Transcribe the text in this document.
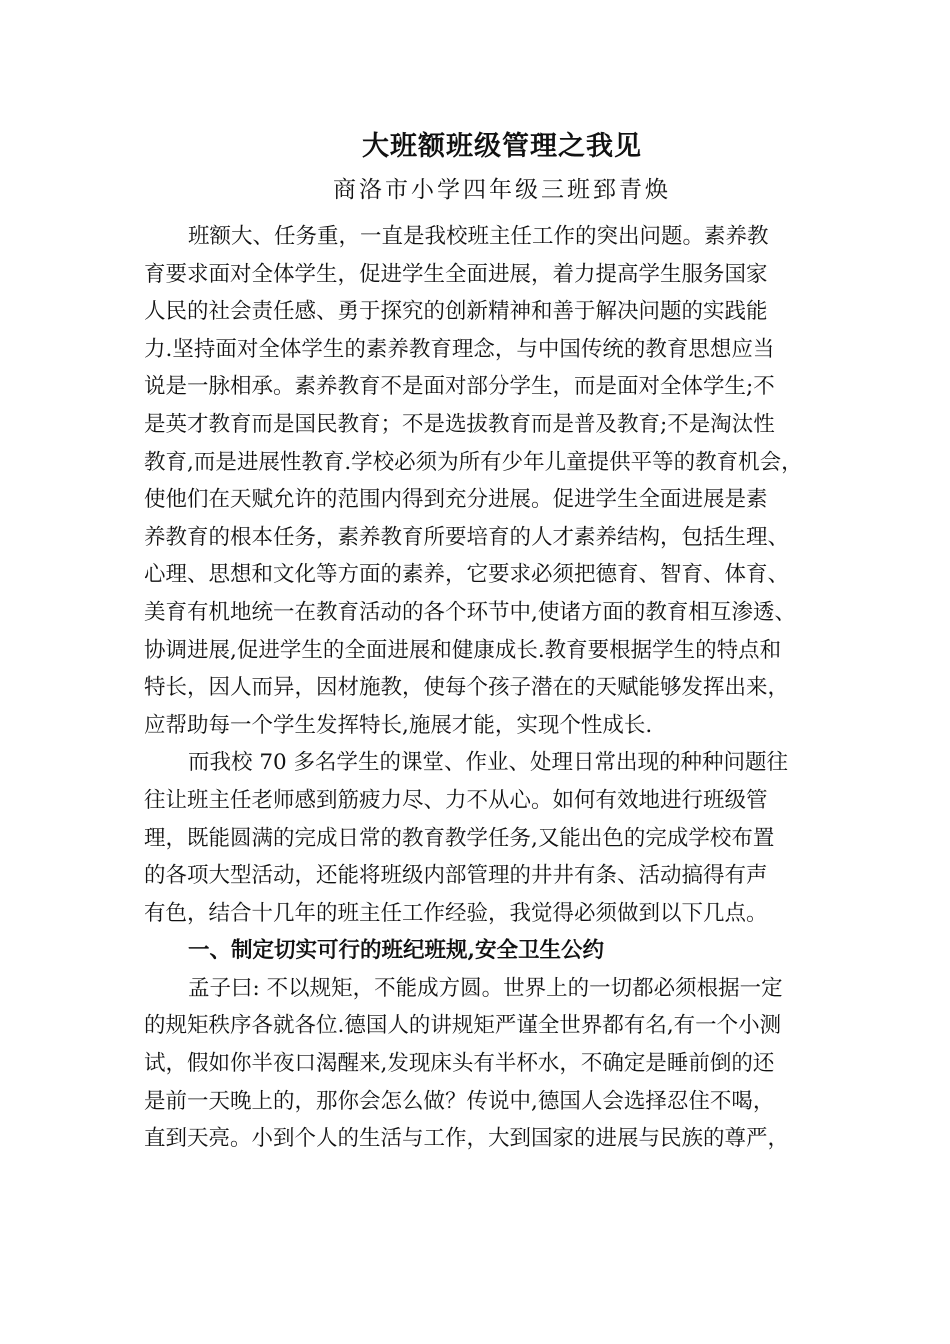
大班额班级管理之我见
商洛市小学四年级三班郅青焕

班额大、任务重，一直是我校班主任工作的突出问题。素养教
育要求面对全体学生，促进学生全面进展，着力提高学生服务国家
人民的社会责任感、勇于探究的创新精神和善于解决问题的实践能
力.坚持面对全体学生的素养教育理念，与中国传统的教育思想应当
说是一脉相承。素养教育不是面对部分学生，而是面对全体学生;不
是英才教育而是国民教育；不是选拔教育而是普及教育;不是淘汰性
教育,而是进展性教育.学校必须为所有少年儿童提供平等的教育机会，
使他们在天赋允许的范围内得到充分进展。促进学生全面进展是素
养教育的根本任务，素养教育所要培育的人才素养结构，包括生理、
心理、思想和文化等方面的素养，它要求必须把德育、智育、体育、
美育有机地统一在教育活动的各个环节中,使诸方面的教育相互渗透、
协调进展,促进学生的全面进展和健康成长.教育要根据学生的特点和
特长，因人而异，因材施教，使每个孩子潜在的天赋能够发挥出来，
应帮助每一个学生发挥特长,施展才能，实现个性成长.

而我校 70 多名学生的课堂、作业、处理日常出现的种种问题往
往让班主任老师感到筋疲力尽、力不从心。如何有效地进行班级管
理，既能圆满的完成日常的教育教学任务,又能出色的完成学校布置
的各项大型活动，还能将班级内部管理的井井有条、活动搞得有声
有色，结合十几年的班主任工作经验，我觉得必须做到以下几点。

一、制定切实可行的班纪班规,安全卫生公约

孟子曰: 不以规矩，不能成方圆。世界上的一切都必须根据一定
的规矩秩序各就各位.德国人的讲规矩严谨全世界都有名,有一个小测
试，假如你半夜口渴醒来,发现床头有半杯水，不确定是睡前倒的还
是前一天晚上的，那你会怎么做？传说中,德国人会选择忍住不喝，
直到天亮。小到个人的生活与工作，大到国家的进展与民族的尊严，
